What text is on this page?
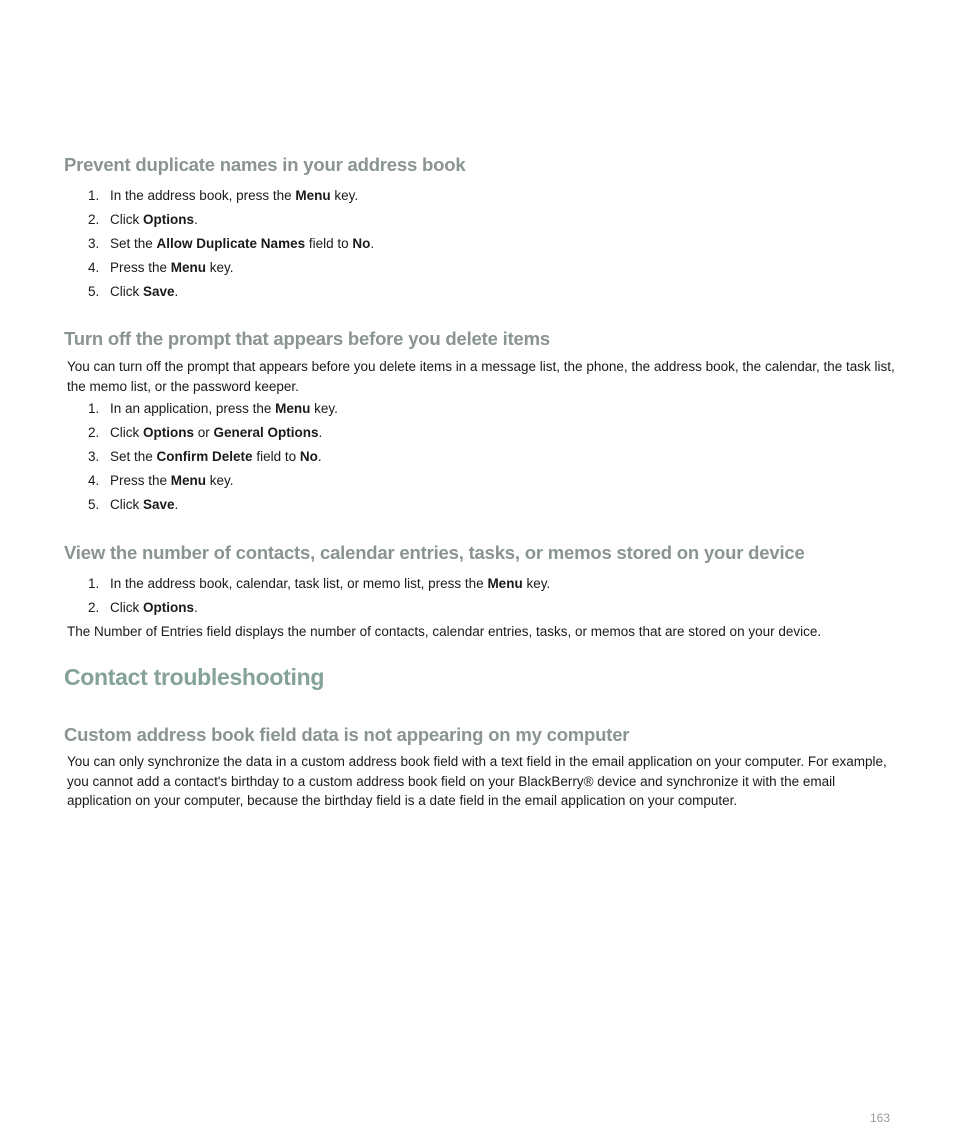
Prevent duplicate names in your address book
1. In the address book, press the Menu key.
2. Click Options.
3. Set the Allow Duplicate Names field to No.
4. Press the Menu key.
5. Click Save.
Turn off the prompt that appears before you delete items

You can turn off the prompt that appears before you delete items in a message list, the phone, the address book, the calendar, the task list, the memo list, or the password keeper.

1. In an application, press the Menu key.
2. Click Options or General Options.
3. Set the Confirm Delete field to No.
4. Press the Menu key.
5. Click Save.
View the number of contacts, calendar entries, tasks, or memos stored on your device
1. In the address book, calendar, task list, or memo list, press the Menu key.
2. Click Options.

The Number of Entries field displays the number of contacts, calendar entries, tasks, or memos that are stored on your device.

Contact troubleshooting
Custom address book field data is not appearing on my computer

You can only synchronize the data in a custom address book field with a text field in the email application on your computer. For example, you cannot add a contact's birthday to a custom address book field on your BlackBerry® device and synchronize it with the email application on your computer, because the birthday field is a date field in the email application on your computer.

163
